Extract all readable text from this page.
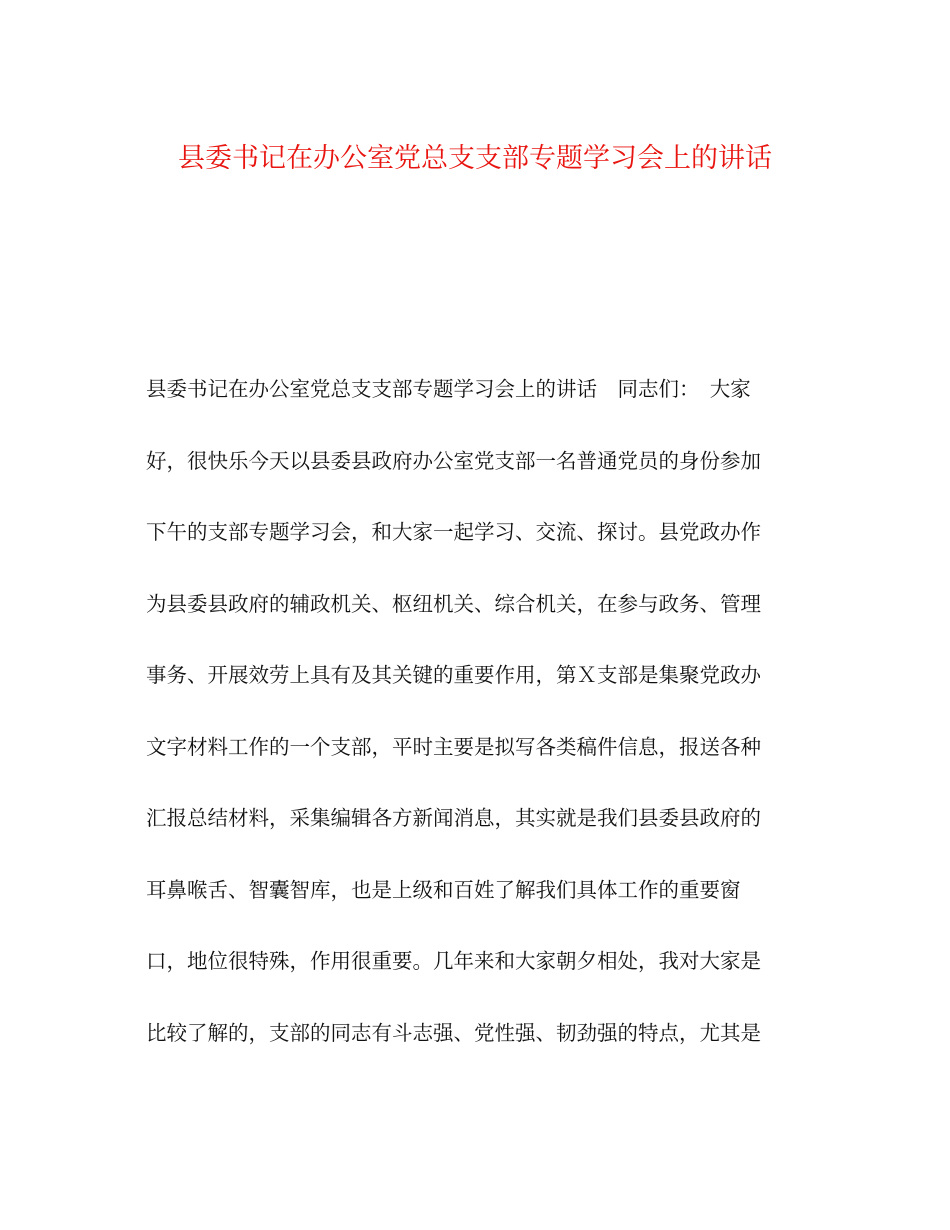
县委书记在办公室党总支支部专题学习会上的讲话
县委书记在办公室党总支支部专题学习会上的讲话　同志们：　大家
好，很快乐今天以县委县政府办公室党支部一名普通党员的身份参加
下午的支部专题学习会，和大家一起学习、交流、探讨。县党政办作
为县委县政府的辅政机关、枢纽机关、综合机关，在参与政务、管理
事务、开展效劳上具有及其关键的重要作用，第Ｘ支部是集聚党政办
文字材料工作的一个支部，平时主要是拟写各类稿件信息，报送各种
汇报总结材料，采集编辑各方新闻消息，其实就是我们县委县政府的
耳鼻喉舌、智囊智库，也是上级和百姓了解我们具体工作的重要窗
口，地位很特殊，作用很重要。几年来和大家朝夕相处，我对大家是
比较了解的，支部的同志有斗志强、党性强、韧劲强的特点，尤其是
